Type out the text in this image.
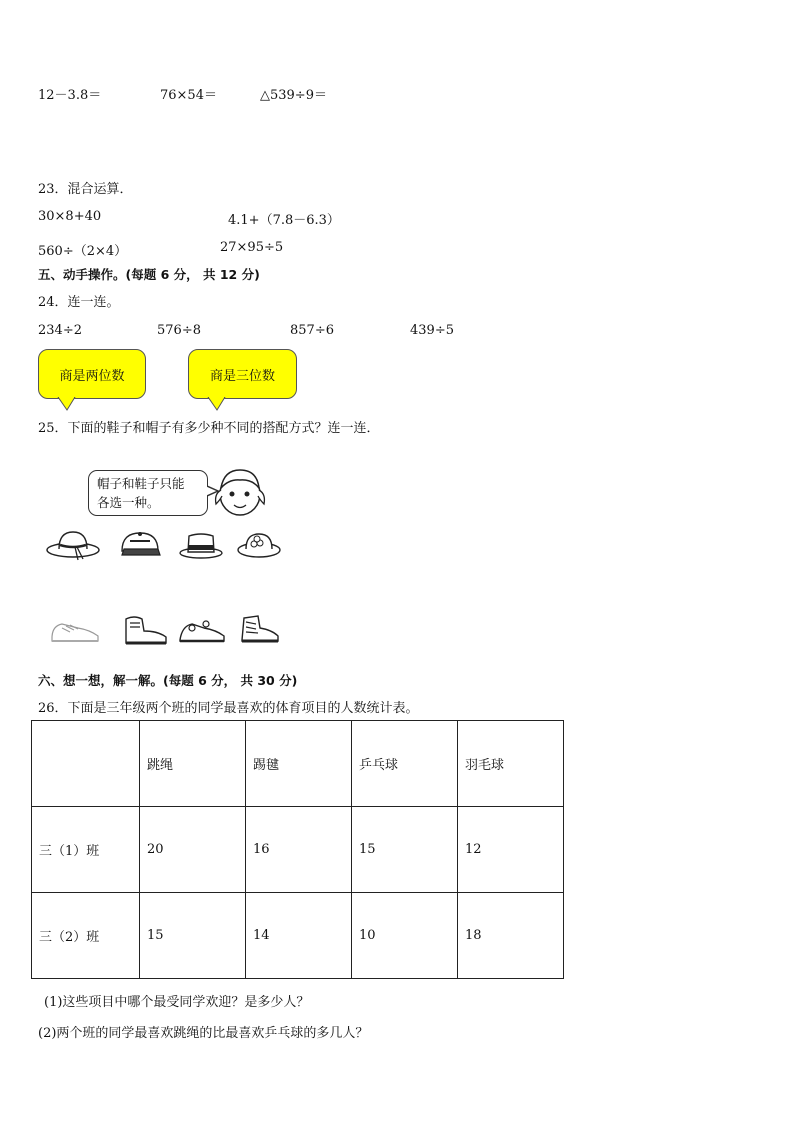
12－3.8＝	76×54＝	△539÷9＝
23．混合运算．
30×8+40	4.1+（7.8－6.3）
560÷（2×4）	27×95÷5
五、动手操作。(每题 6 分， 共 12 分)
24．连一连。
234÷2	576÷8	857÷6	439÷5
商是两位数	商是三位数
25．下面的鞋子和帽子有多少种不同的搭配方式？连一连．
帽子和鞋子只能
各选一种。
六、想一想，解一解。(每题 6 分， 共 30 分)
26．下面是三年级两个班的同学最喜欢的体育项目的人数统计表。
	跳绳	踢毽	乒乓球	羽毛球
三（1）班	20	16	15	12
三（2）班	15	14	10	18
(1)这些项目中哪个最受同学欢迎？是多少人？
(2)两个班的同学最喜欢跳绳的比最喜欢乒乓球的多几人？
